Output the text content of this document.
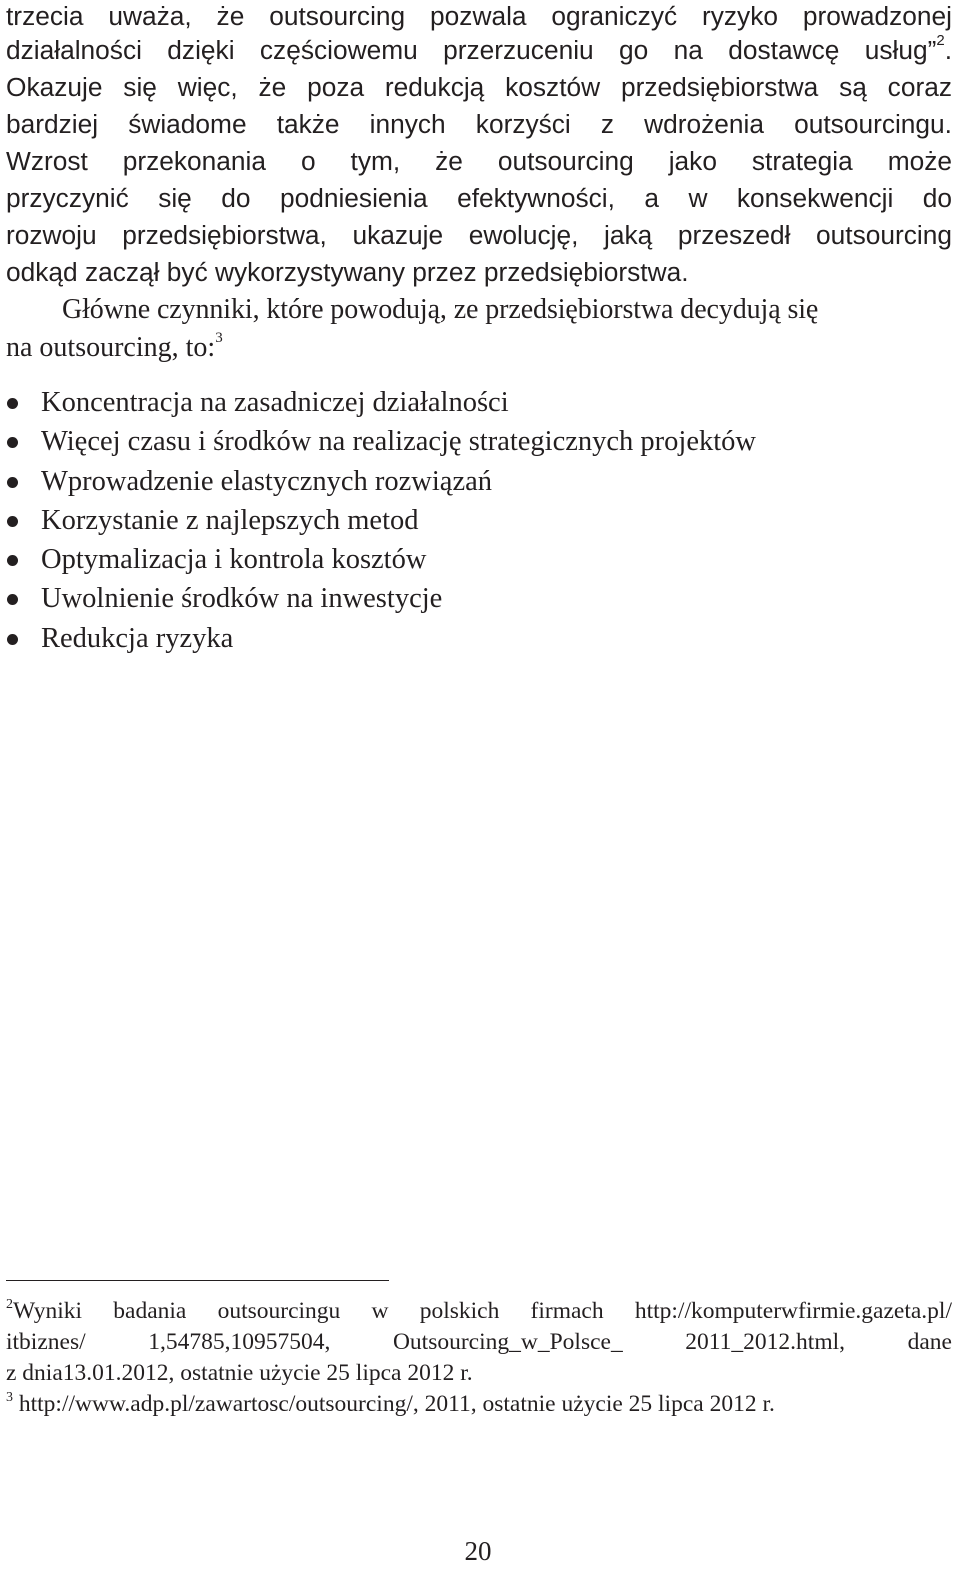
trzecia uważa, że outsourcing pozwala ograniczyć ryzyko prowadzonej
działalności dzięki częściowemu przerzuceniu go na dostawcę usług”$^2$.
Okazuje się więc, że poza redukcją kosztów przedsiębiorstwa są coraz
bardziej świadome także innych korzyści z wdrożenia outsourcingu.
Wzrost przekonania o tym, że outsourcing jako strategia może
przyczynić się do podniesienia efektywności, a w konsekwencji do
rozwoju przedsiębiorstwa, ukazuje ewolucję, jaką przeszedł outsourcing
odkąd zaczął być wykorzystywany przez przedsiębiorstwa.
Główne czynniki, które powodują, ze przedsiębiorstwa decydują się
na outsourcing, to:$^3$
Koncentracja na zasadniczej działalności
Więcej czasu i środków na realizację strategicznych projektów
Wprowadzenie elastycznych rozwiązań
Korzystanie z najlepszych metod
Optymalizacja i kontrola kosztów
Uwolnienie środków na inwestycje
Redukcja ryzyka
$^2$Wyniki badania outsourcingu w polskich firmach http://komputerwfirmie.gazeta.pl/
itbiznes/ 1,54785,10957504, Outsourcing_w_Polsce_ 2011_2012.html, dane
z dnia13.01.2012, ostatnie użycie 25 lipca 2012 r.
$^3$ http://www.adp.pl/zawartosc/outsourcing/, 2011, ostatnie użycie 25 lipca 2012 r.
20
